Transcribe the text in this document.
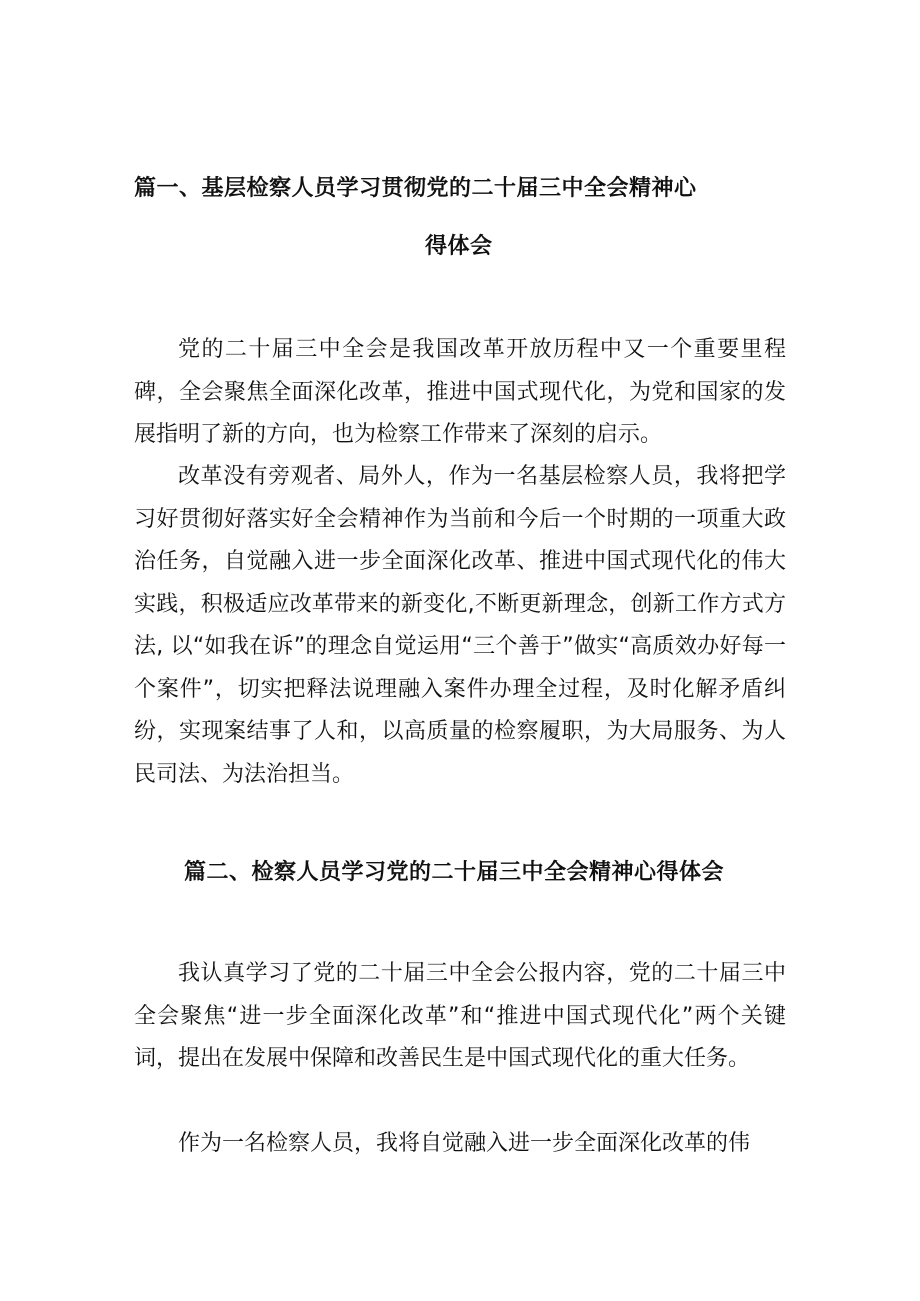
篇一、基层检察人员学习贯彻党的二十届三中全会精神心
得体会

党的二十届三中全会是我国改革开放历程中又一个重要里程碑，全会聚焦全面深化改革，推进中国式现代化，为党和国家的发展指明了新的方向，也为检察工作带来了深刻的启示。

改革没有旁观者、局外人，作为一名基层检察人员，我将把学习好贯彻好落实好全会精神作为当前和今后一个时期的一项重大政治任务，自觉融入进一步全面深化改革、推进中国式现代化的伟大实践，积极适应改革带来的新变化,不断更新理念，创新工作方式方法, 以“如我在诉”的理念自觉运用“三个善于”做实“高质效办好每一个案件”，切实把释法说理融入案件办理全过程，及时化解矛盾纠纷，实现案结事了人和，以高质量的检察履职，为大局服务、为人民司法、为法治担当。

篇二、检察人员学习党的二十届三中全会精神心得体会

我认真学习了党的二十届三中全会公报内容，党的二十届三中全会聚焦“进一步全面深化改革”和“推进中国式现代化”两个关键词，提出在发展中保障和改善民生是中国式现代化的重大任务。

作为一名检察人员，我将自觉融入进一步全面深化改革的伟
